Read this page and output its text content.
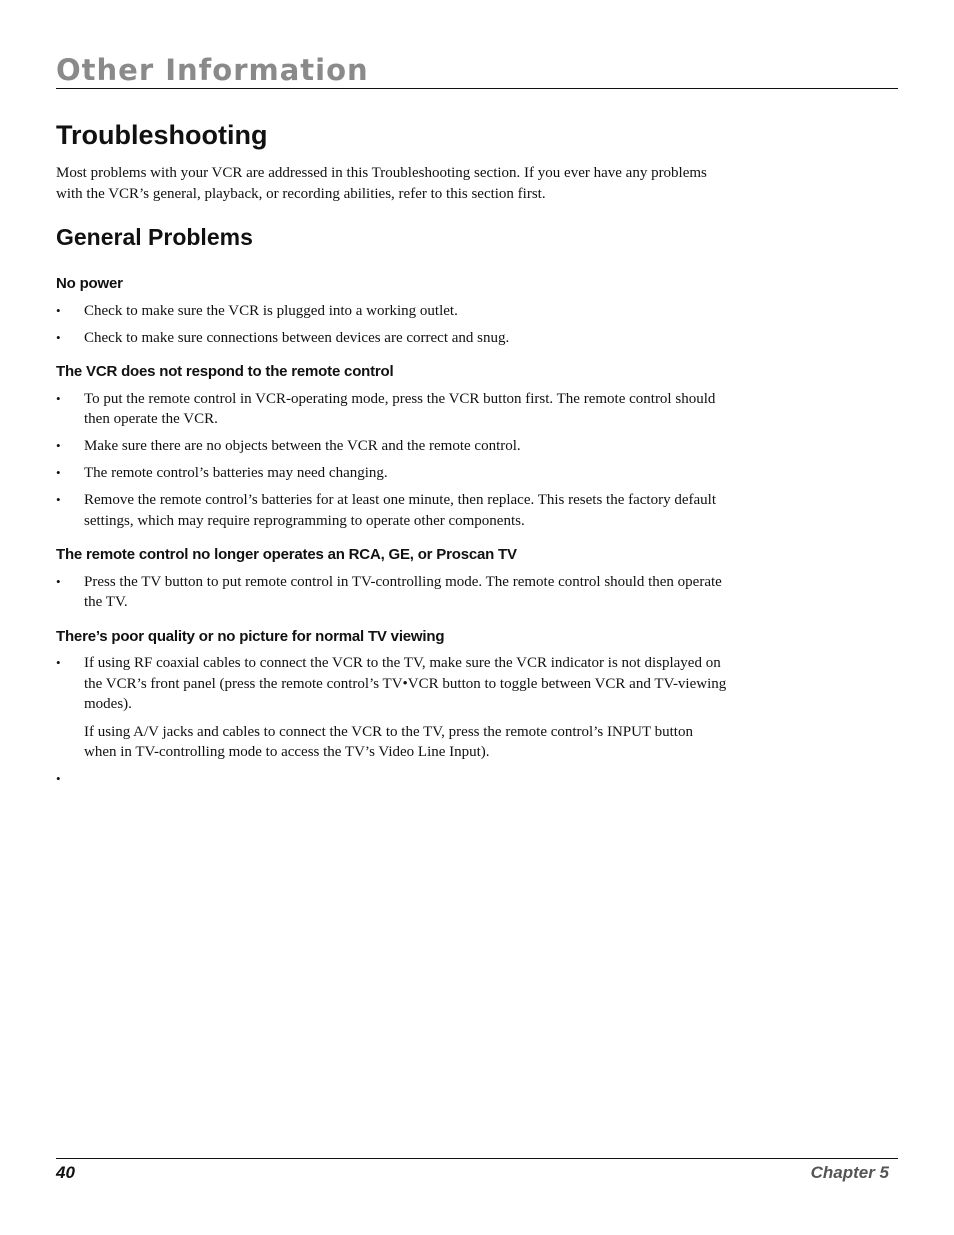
Other Information
Troubleshooting

Most problems with your VCR are addressed in this Troubleshooting section. If you ever have any problems with the VCR’s general, playback, or recording abilities, refer to this section first.

General Problems
No power
• Check to make sure the VCR is plugged into a working outlet.
• Check to make sure connections between devices are correct and snug.
The VCR does not respond to the remote control
• To put the remote control in VCR-operating mode, press the VCR button first. The remote control should then operate the VCR.
• Make sure there are no objects between the VCR and the remote control.
• The remote control’s batteries may need changing.
• Remove the remote control’s batteries for at least one minute, then replace. This resets the factory default settings, which may require reprogramming to operate other components.
The remote control no longer operates an RCA, GE, or Proscan TV
• Press the TV button to put remote control in TV-controlling mode. The remote control should then operate the TV.
There’s poor quality or no picture for normal TV viewing
• If using RF coaxial cables to connect the VCR to the TV, make sure the VCR indicator is not displayed on the VCR’s front panel (press the remote control’s TV•VCR button to toggle between VCR and TV-viewing modes).

If using A/V jacks and cables to connect the VCR to the TV, press the remote control’s INPUT button when in TV-controlling mode to access the TV’s Video Line Input).

•

40	Chapter 5
